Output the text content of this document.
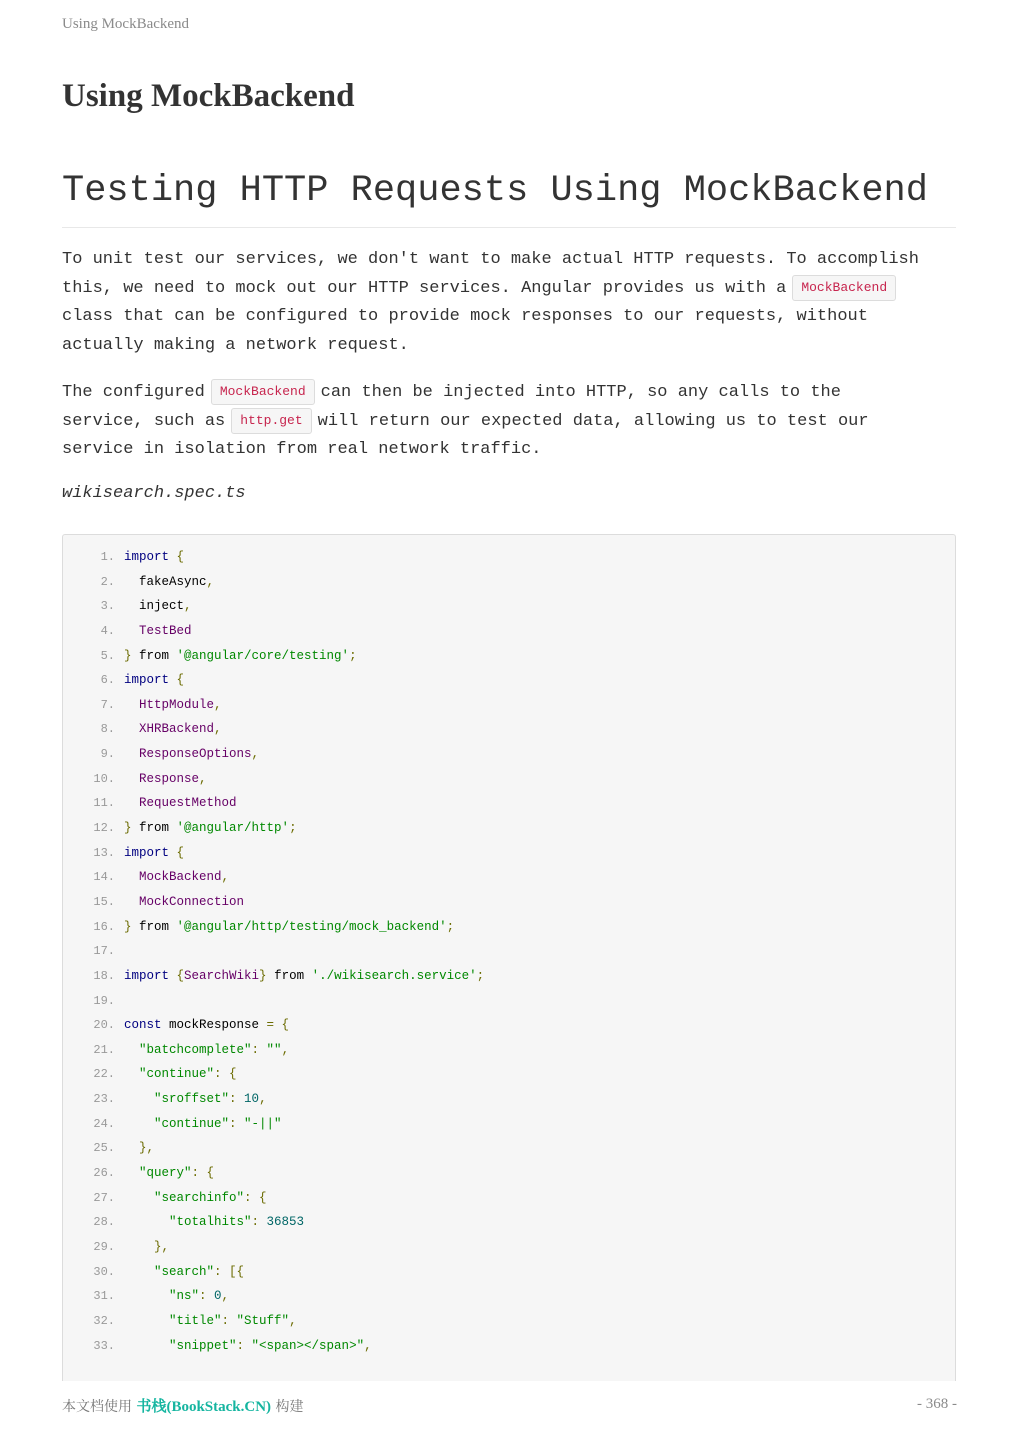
Using MockBackend
Using MockBackend
Testing HTTP Requests Using MockBackend

To unit test our services, we don't want to make actual HTTP requests. To accomplish
this, we need to mock out our HTTP services. Angular provides us with a MockBackend
class that can be configured to provide mock responses to our requests, without
actually making a network request.

The configured MockBackend can then be injected into HTTP, so any calls to the
service, such as http.get will return our expected data, allowing us to test our
service in isolation from real network traffic.

wikisearch.spec.ts

1. import {
2. fakeAsync,
3. inject,
4. TestBed
5. } from '@angular/core/testing';
6. import {
7. HttpModule,
8. XHRBackend,
9. ResponseOptions,
10. Response,
11. RequestMethod
12. } from '@angular/http';
13. import {
14. MockBackend,
15. MockConnection
16. } from '@angular/http/testing/mock_backend';
17.
18. import {SearchWiki} from './wikisearch.service';
19.
20. const mockResponse = {
21. "batchcomplete": "",
22. "continue": {
23. "sroffset": 10,
24. "continue": "-||"
25. },
26. "query": {
27. "searchinfo": {
28. "totalhits": 36853
29. },
30. "search": [{
31. "ns": 0,
32. "title": "Stuff",
33. "snippet": "<span></span>",
本文档使用 书栈(BookStack.CN) 构建	- 368 -
